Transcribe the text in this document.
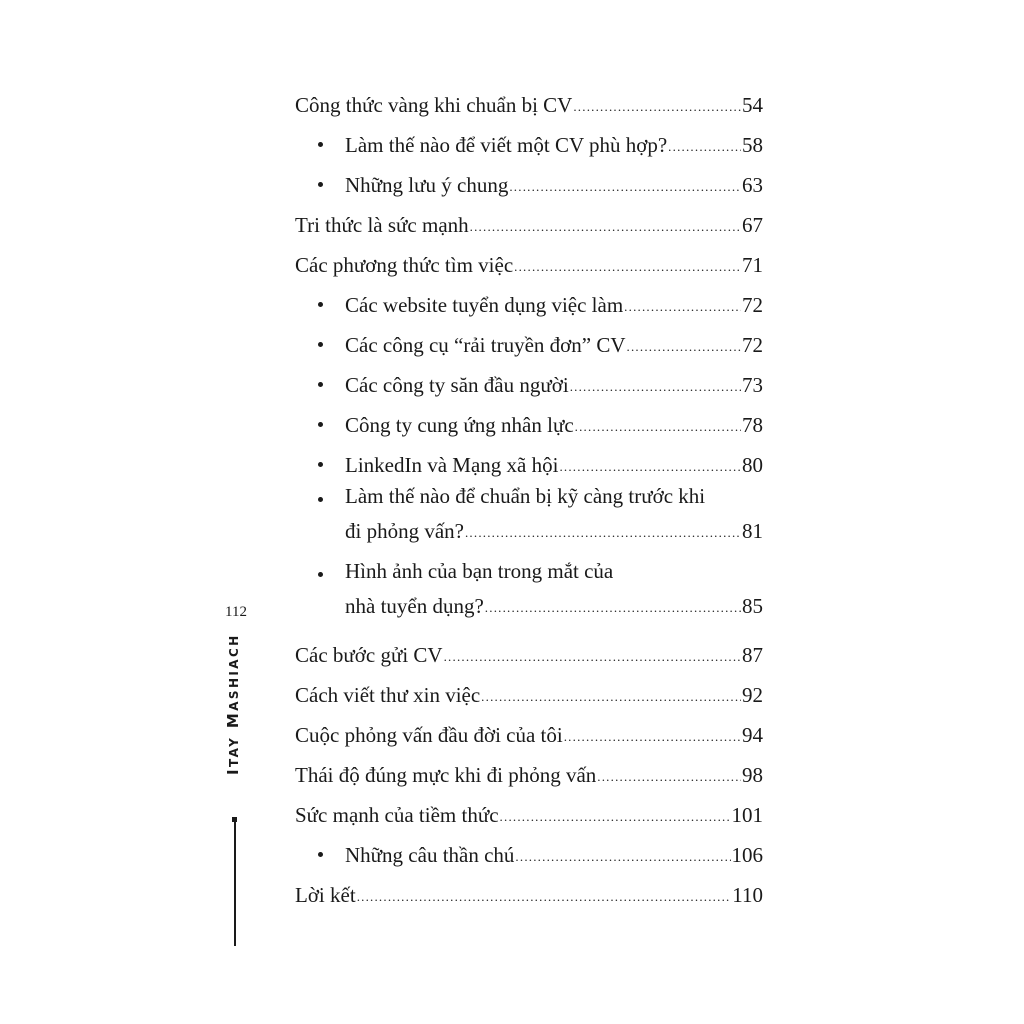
112
ITAY MASHIACH
Công thức vàng khi chuẩn bị CV .....	54
Làm thế nào để viết một CV phù hợp? .....	58
Những lưu ý chung .....	63
Tri thức là sức mạnh .....	67
Các phương thức tìm việc .....	71
Các website tuyển dụng việc làm .....	72
Các công cụ “rải truyền đơn” CV .....	72
Các công ty săn đầu người .....	73
Công ty cung ứng nhân lực .....	78
LinkedIn và Mạng xã hội .....	80
Làm thế nào để chuẩn bị kỹ càng trước khi
đi phỏng vấn? .....	81
Hình ảnh của bạn trong mắt của
nhà tuyển dụng? .....	85
Các bước gửi CV .....	87
Cách viết thư xin việc .....	92
Cuộc phỏng vấn đầu đời của tôi .....	94
Thái độ đúng mực khi đi phỏng vấn .....	98
Sức mạnh của tiềm thức .....	101
Những câu thần chú .....	106
Lời kết .....	110
